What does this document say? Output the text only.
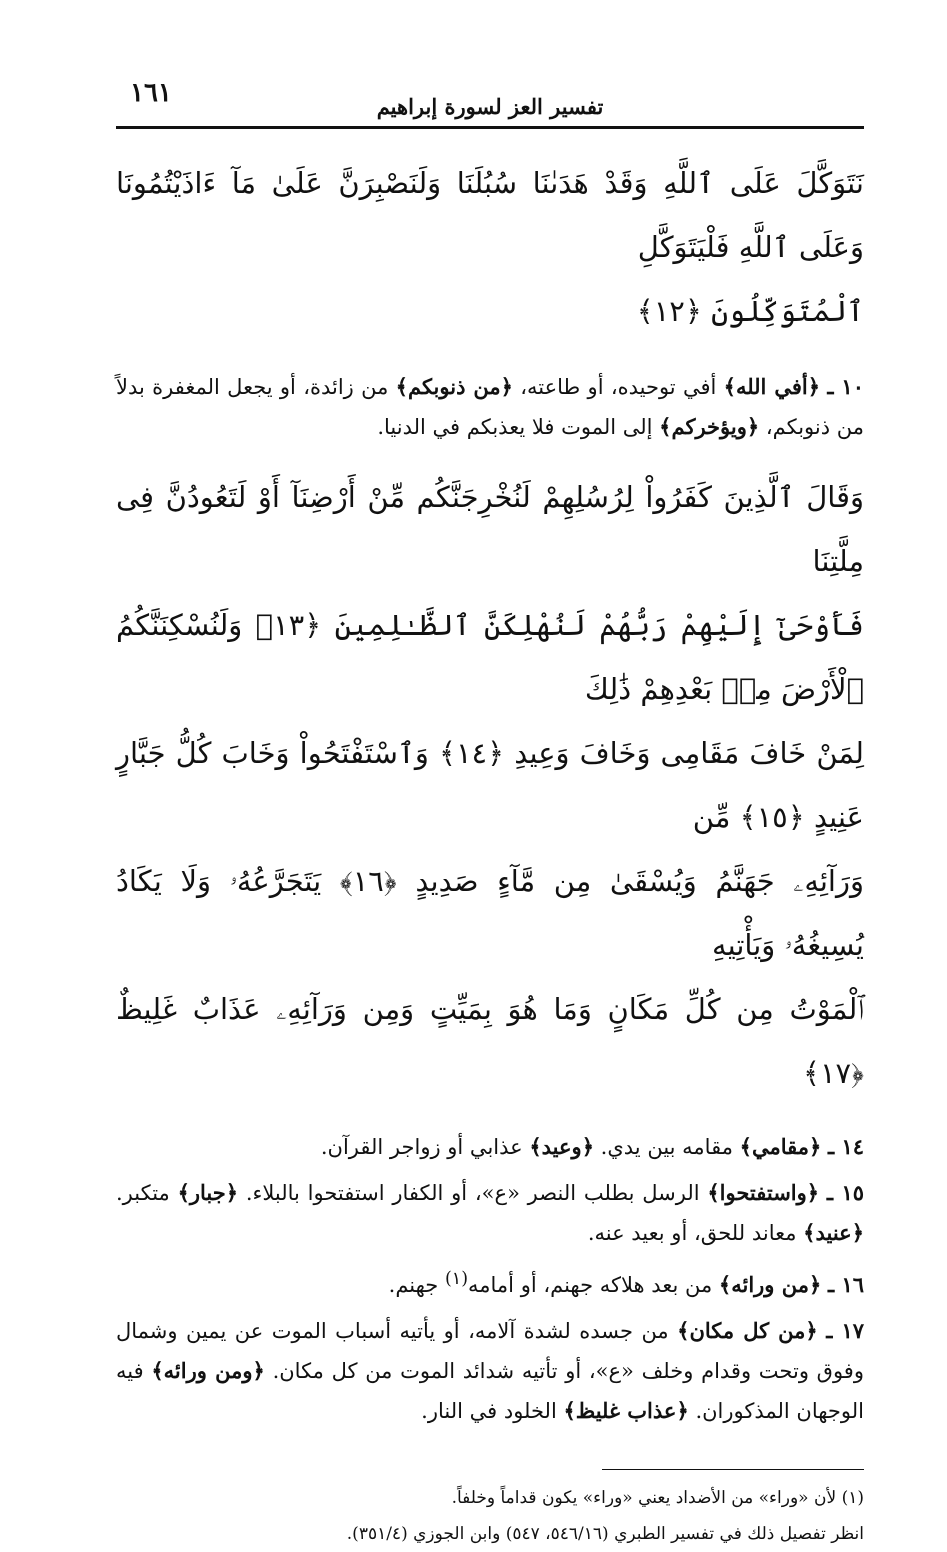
١٦١	تفسير العز لسورة إبراهيم

نَتَوَكَّلَ عَلَى ٱللَّهِ وَقَدْ هَدَىٰنَا سُبُلَنَا وَلَنَصْبِرَنَّ عَلَىٰ مَآ ءَاذَيْتُمُونَا وَعَلَى ٱللَّهِ فَلْيَتَوَكَّلِ

ٱلْمُتَوَكِّلُونَ ﴿١٢﴾

١٠ ـ ﴿أفي الله﴾ أفي توحيده، أو طاعته، ﴿من ذنوبكم﴾ من زائدة، أو يجعل المغفرة بدلاً من ذنوبكم، ﴿ويؤخركم﴾ إلى الموت فلا يعذبكم في الدنيا.

وَقَالَ ٱلَّذِينَ كَفَرُواْ لِرُسُلِهِمْ لَنُخْرِجَنَّكُم مِّنْ أَرْضِنَآ أَوْ لَتَعُودُنَّ فِى مِلَّتِنَا

فَأَوْحَىٰٓ إِلَيْهِمْ رَبُّهُمْ لَنُهْلِكَنَّ ٱلظَّـٰلِمِينَ ﴿١٣﴾ وَلَنُسْكِنَنَّكُمُ ٱلْأَرْضَ مِنۢ بَعْدِهِمْ ذَٰلِكَ

لِمَنْ خَافَ مَقَامِى وَخَافَ وَعِيدِ ﴿١٤﴾ وَٱسْتَفْتَحُواْ وَخَابَ كُلُّ جَبَّارٍ عَنِيدٍ ﴿١٥﴾ مِّن

وَرَآئِهِۦ جَهَنَّمُ وَيُسْقَىٰ مِن مَّآءٍ صَدِيدٍ ﴿١٦﴾ يَتَجَرَّعُهُۥ وَلَا يَكَادُ يُسِيغُهُۥ وَيَأْتِيهِ

ٱلْمَوْتُ مِن كُلِّ مَكَانٍ وَمَا هُوَ بِمَيِّتٍ وَمِن وَرَآئِهِۦ عَذَابٌ غَلِيظٌ ﴿١٧﴾

١٤ ـ ﴿مقامي﴾ مقامه بين يدي. ﴿وعيد﴾ عذابي أو زواجر القرآن.

١٥ ـ ﴿واستفتحوا﴾ الرسل بطلب النصر «ع»، أو الكفار استفتحوا بالبلاء. ﴿جبار﴾ متكبر. ﴿عنيد﴾ معاند للحق، أو بعيد عنه.

١٦ ـ ﴿من ورائه﴾ من بعد هلاكه جهنم، أو أمامه$^{(١)}$ جهنم.

١٧ ـ ﴿من كل مكان﴾ من جسده لشدة آلامه، أو يأتيه أسباب الموت عن يمين وشمال وفوق وتحت وقدام وخلف «ع»، أو تأتيه شدائد الموت من كل مكان. ﴿ومن ورائه﴾ فيه الوجهان المذكوران. ﴿عذاب غليظ﴾ الخلود في النار.

(١) لأن «وراء» من الأضداد يعني «وراء» يكون قداماً وخلفاً.

انظر تفصيل ذلك في تفسير الطبري (٥٤٦/١٦، ٥٤٧) وابن الجوزي (٣٥١/٤).
